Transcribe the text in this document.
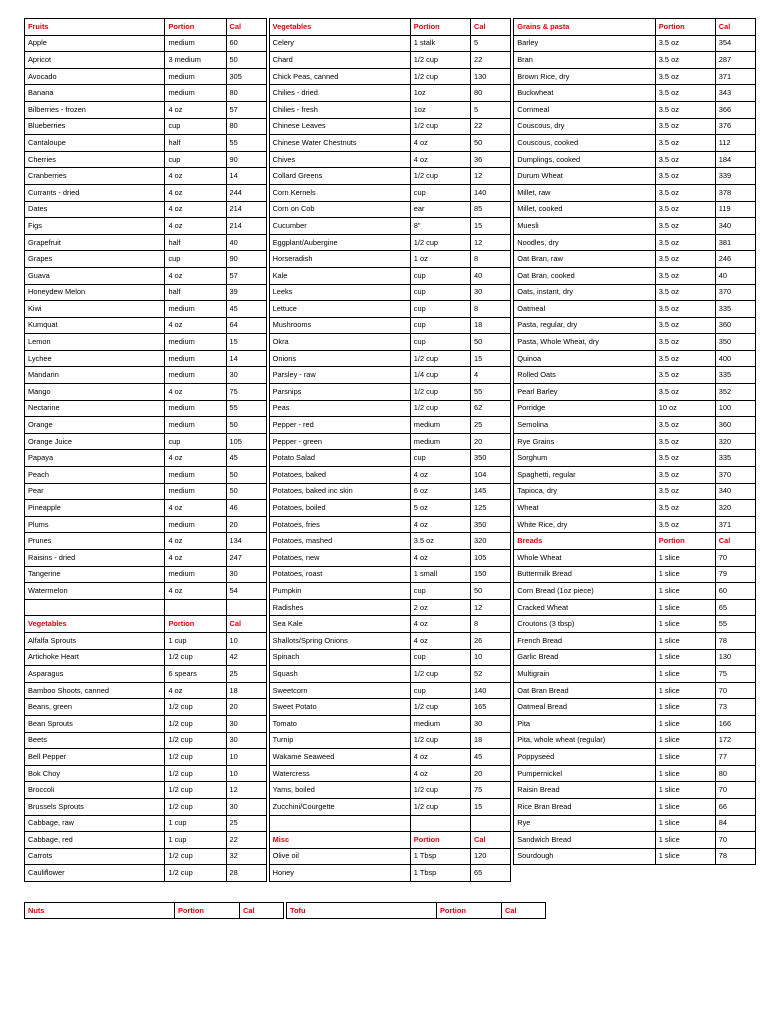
Fruits	Portion	Cal
Apple	medium	60
Apricot	3 medium	50
Avocado	medium	305
Banana	medium	80
Bilberries - frozen	4 oz	57
Blueberries	cup	80
Cantaloupe	half	55
Cherries	cup	90
Cranberries	4 oz	14
Currants - dried	4 oz	244
Dates	4 oz	214
Figs	4 oz	214
Grapefruit	half	40
Grapes	cup	90
Guava	4 oz	57
Honeydew Melon	half	39
Kiwi	medium	45
Kumquat	4 oz	64
Lemon	medium	15
Lychee	medium	14
Mandarin	medium	30
Mango	4 oz	75
Nectarine	medium	55
Orange	medium	50
Orange Juice	cup	105
Papaya	4 oz	45
Peach	medium	50
Pear	medium	50
Pineapple	4 oz	46
Plums	medium	20
Prunes	4 oz	134
Raisins - dried	4 oz	247
Tangerine	medium	30
Watermelon	4 oz	54

Vegetables	Portion	Cal
Alfalfa Sprouts	1 cup	10
Artichoke Heart	1/2 cup	42
Asparagus	6 spears	25
Bamboo Shoots, canned	4 oz	18
Beans, green	1/2 cup	20
Bean Sprouts	1/2 cup	30
Beets	1/2 cup	30
Bell Pepper	1/2 cup	10
Bok Choy	1/2 cup	10
Broccoli	1/2 cup	12
Brussels Sprouts	1/2 cup	30
Cabbage, raw	1 cup	25
Cabbage, red	1 cup	22
Carrots	1/2 cup	32
Cauliflower	1/2 cup	28
Vegetables	Portion	Cal
Celery	1 stalk	5
Chard	1/2 cup	22
Chick Peas, canned	1/2 cup	130
Chilies - dried	1oz	80
Chilies - fresh	1oz	5
Chinese Leaves	1/2 cup	22
Chinese Water Chestnuts	4 oz	50
Chives	4 oz	36
Collard Greens	1/2 cup	12
Corn Kernels	cup	140
Corn on Cob	ear	85
Cucumber	8"	15
Eggplant/Aubergine	1/2 cup	12
Horseradish	1 oz	8
Kale	cup	40
Leeks	cup	30
Lettuce	cup	8
Mushrooms	cup	18
Okra	cup	50
Onions	1/2 cup	15
Parsley - raw	1/4 cup	4
Parsnips	1/2 cup	55
Peas	1/2 cup	62
Pepper - red	medium	25
Pepper - green	medium	20
Potato Salad	cup	350
Potatoes, baked	4 oz	104
Potatoes, baked inc skin	6 oz	145
Potatoes, boiled	5 oz	125
Potatoes, fries	4 oz	350
Potatoes, mashed	3.5 oz	320
Potatoes, new	4 oz	105
Potatoes, roast	1 small	150
Pumpkin	cup	50
Radishes	2 oz	12
Sea Kale	4 oz	8
Shallots/Spring Onions	4 oz	26
Spinach	cup	10
Squash	1/2 cup	52
Sweetcorn	cup	140
Sweet Potato	1/2 cup	165
Tomato	medium	30
Turnip	1/2 cup	18
Wakame Seaweed	4 oz	45
Watercress	4 oz	20
Yams, boiled	1/2 cup	75
Zucchini/Courgette	1/2 cup	15

Misc	Portion	Cal
Olive oil	1 Tbsp	120
Honey	1 Tbsp	65
Grains & pasta	Portion	Cal
Barley	3.5 oz	354
Bran	3.5 oz	287
Brown Rice, dry	3.5 oz	371
Buckwheat	3.5 oz	343
Cornmeal	3.5 oz	366
Couscous, dry	3.5 oz	376
Couscous, cooked	3.5 oz	112
Dumplings, cooked	3.5 oz	184
Durum Wheat	3.5 oz	339
Millet, raw	3.5 oz	378
Millet, cooked	3.5 oz	119
Muesli	3.5 oz	340
Noodles, dry	3.5 oz	381
Oat Bran, raw	3.5 oz	246
Oat Bran, cooked	3.5 oz	40
Oats, instant, dry	3.5 oz	370
Oatmeal	3.5 oz	335
Pasta, regular, dry	3.5 oz	360
Pasta, Whole Wheat, dry	3.5 oz	350
Quinoa	3.5 oz	400
Rolled Oats	3.5 oz	335
Pearl Barley	3.5 oz	352
Porridge	10 oz	100
Semolina	3.5 oz	360
Rye Grains	3.5 oz	320
Sorghum	3.5 oz	335
Spaghetti, regular	3.5 oz	370
Tapioca, dry	3.5 oz	340
Wheat	3.5 oz	320
White Rice, dry	3.5 oz	371
Breads	Portion	Cal
Whole Wheat	1 slice	70
Buttermilk Bread	1 slice	79
Corn Bread (1oz piece)	1 slice	60
Cracked Wheat	1 slice	65
Croutons (3 tbsp)	1 slice	55
French Bread	1 slice	78
Garlic Bread	1 slice	130
Multigrain	1 slice	75
Oat Bran Bread	1 slice	70
Oatmeal Bread	1 slice	73
Pita	1 slice	166
Pita, whole wheat (regular)	1 slice	172
Poppyseed	1 slice	77
Pumpernickel	1 slice	80
Raisin Bread	1 slice	70
Rice Bran Bread	1 slice	66
Rye	1 slice	84
Sandwich Bread	1 slice	70
Sourdough	1 slice	78
Nuts	Portion	Cal	Tofu	Portion	Cal
